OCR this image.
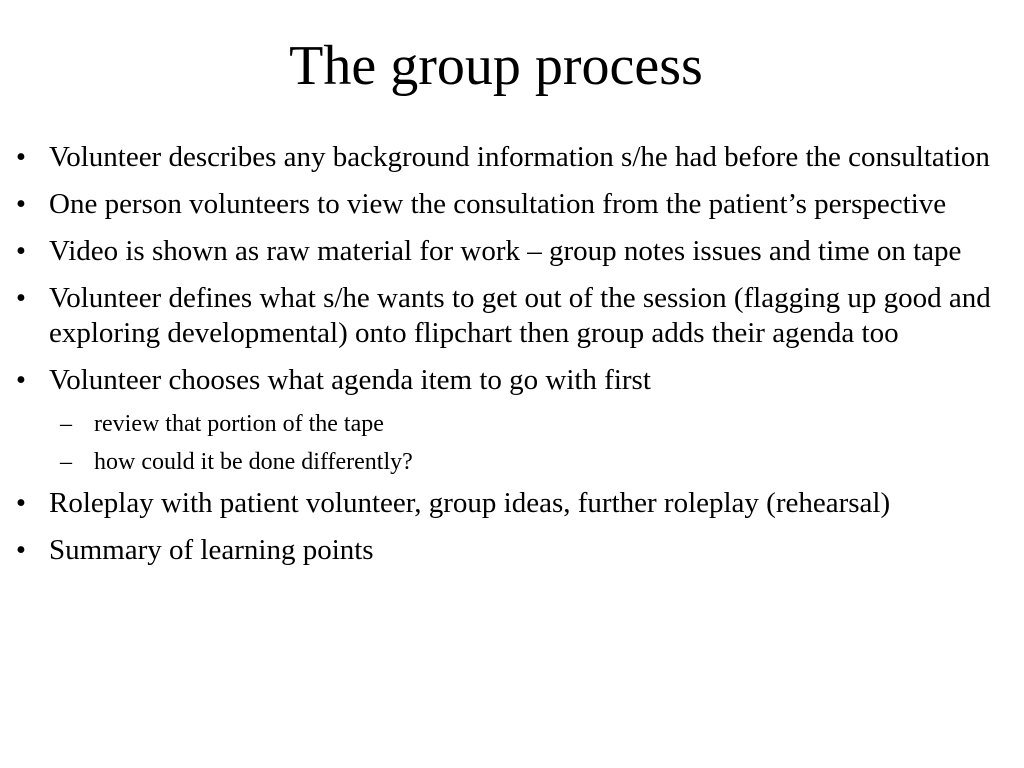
The group process
• Volunteer describes any background information s/he had before the consultation
• One person volunteers to view the consultation from the patient’s perspective
• Video is shown as raw material for work – group notes issues and time on tape
• Volunteer defines what s/he wants to get out of the session (flagging up good and exploring developmental) onto flipchart then group adds their agenda too
• Volunteer chooses what agenda item to go with first
– review that portion of the tape
– how could it be done differently?
• Roleplay with patient volunteer, group ideas, further roleplay (rehearsal)
• Summary of learning points
